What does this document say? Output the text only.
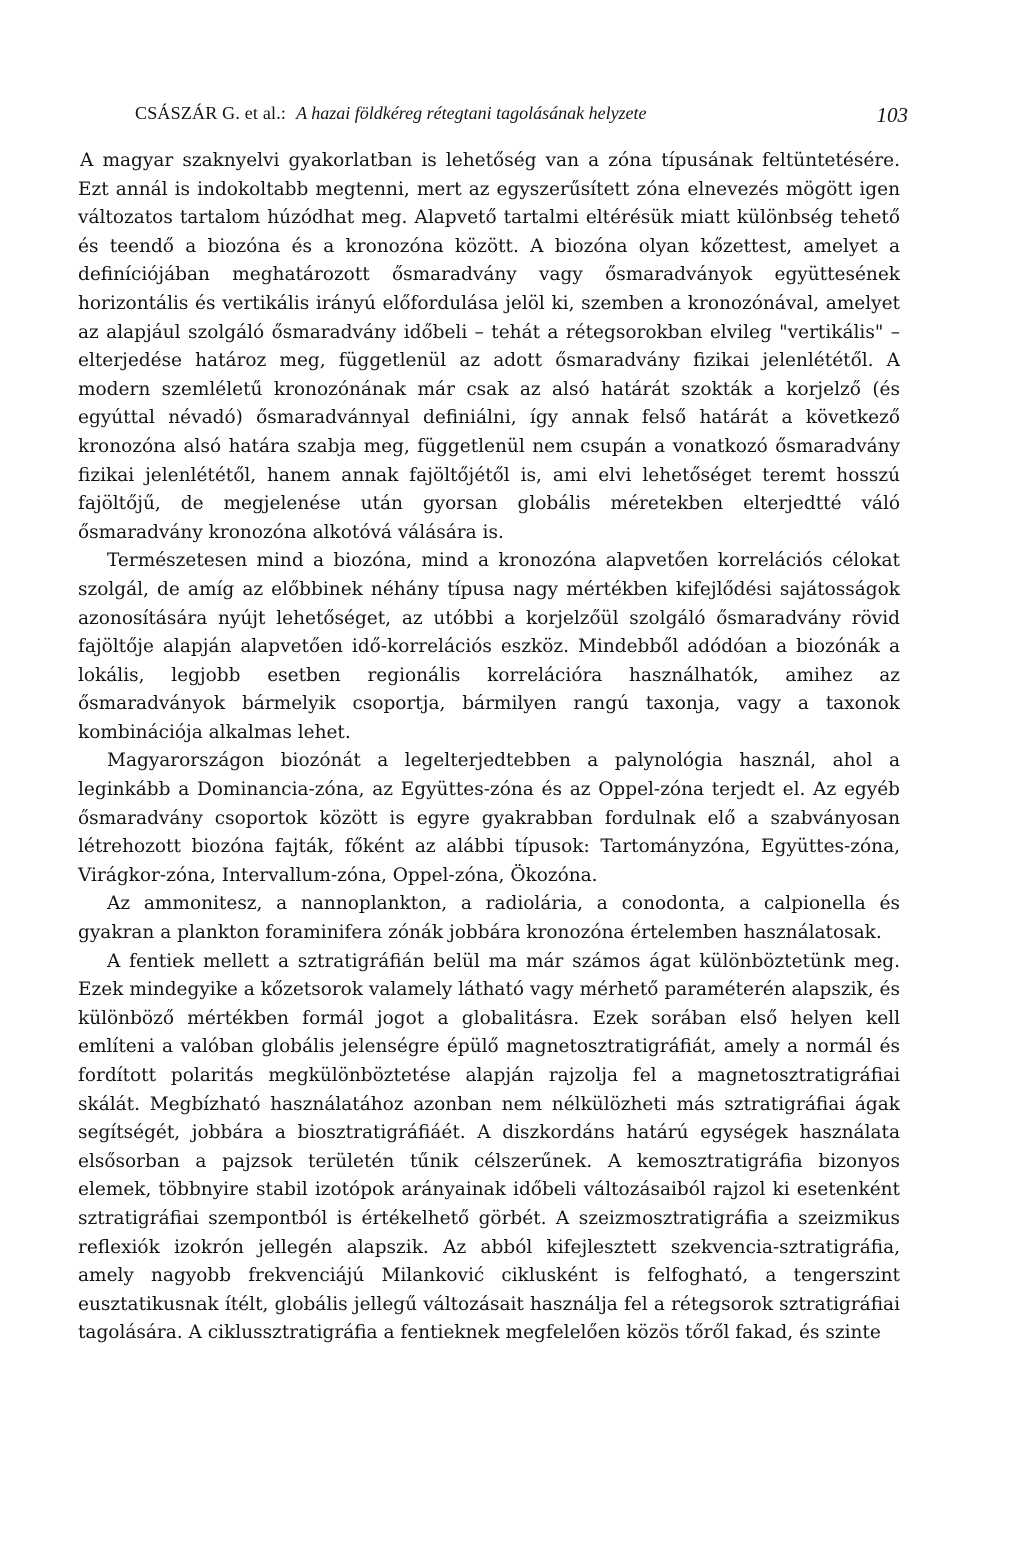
CSÁSZÁR G. et al.: A hazai földkéreg rétegtani tagolásának helyzete	103

A magyar szaknyelvi gyakorlatban is lehetőség van a zóna típusának feltüntetésére. Ezt annál is indokoltabb megtenni, mert az egyszerűsített zóna elnevezés mögött igen változatos tartalom húzódhat meg. Alapvető tartalmi eltérésük miatt különbség tehető és teendő a biozóna és a kronozóna között. A biozóna olyan kőzettest, amelyet a definíciójában meghatározott ősmaradvány vagy ősmaradványok együttesének horizontális és vertikális irányú előfordulása jelöl ki, szemben a kronozónával, amelyet az alapjául szolgáló ősmaradvány időbeli – tehát a rétegsorokban elvileg "vertikális" – elterjedése határoz meg, függetlenül az adott ősmaradvány fizikai jelenlététől. A modern szemléletű kronozónának már csak az alsó határát szokták a korjelző (és egyúttal névadó) ősmaradvánnyal definiálni, így annak felső határát a következő kronozóna alsó határa szabja meg, függetlenül nem csupán a vonatkozó ősmaradvány fizikai jelenlététől, hanem annak fajöltőjétől is, ami elvi lehetőséget teremt hosszú fajöltőjű, de megjelenése után gyorsan globális méretekben elterjedtté váló ősmaradvány kronozóna alkotóvá válására is.

Természetesen mind a biozóna, mind a kronozóna alapvetően korrelációs célokat szolgál, de amíg az előbbinek néhány típusa nagy mértékben kifejlődési sajátosságok azonosítására nyújt lehetőséget, az utóbbi a korjelzőül szolgáló ősmaradvány rövid fajöltője alapján alapvetően idő-korrelációs eszköz. Mindebből adódóan a biozónák a lokális, legjobb esetben regionális korrelációra használhatók, amihez az ősmaradványok bármelyik csoportja, bármilyen rangú taxonja, vagy a taxonok kombinációja alkalmas lehet.

Magyarországon biozónát a legelterjedtebben a palynológia használ, ahol a leginkább a Dominancia-zóna, az Együttes-zóna és az Oppel-zóna terjedt el. Az egyéb ősmaradvány csoportok között is egyre gyakrabban fordulnak elő a szabványosan létrehozott biozóna fajták, főként az alábbi típusok: Tartományzóna, Együttes-zóna, Virágkor-zóna, Intervallum-zóna, Oppel-zóna, Ökozóna.

Az ammonitesz, a nannoplankton, a radiolária, a conodonta, a calpionella és gyakran a plankton foraminifera zónák jobbára kronozóna értelemben használatosak.

A fentiek mellett a sztratigráfián belül ma már számos ágat különböztetünk meg. Ezek mindegyike a kőzetsorok valamely látható vagy mérhető paraméterén alapszik, és különböző mértékben formál jogot a globalitásra. Ezek sorában első helyen kell említeni a valóban globális jelenségre épülő magnetosztratigráfiát, amely a normál és fordított polaritás megkülönböztetése alapján rajzolja fel a magnetosztratigráfiai skálát. Megbízható használatához azonban nem nélkülözheti más sztratigráfiai ágak segítségét, jobbára a biosztratigráfiáét. A diszkordáns határú egységek használata elsősorban a pajzsok területén tűnik célszerűnek. A kemosztratigráfia bizonyos elemek, többnyire stabil izotópok arányainak időbeli változásaiból rajzol ki esetenként sztratigráfiai szempontból is értékelhető görbét. A szeizmosztratigráfia a szeizmikus reflexiók izokrón jellegén alapszik. Az abból kifejlesztett szekvencia-sztratigráfia, amely nagyobb frekvenciájú Milanković ciklusként is felfogható, a tengerszint eusztatikusnak ítélt, globális jellegű változásait használja fel a rétegsorok sztratigráfiai tagolására. A ciklussztratigráfia a fentieknek megfelelően közös tőről fakad, és szinte
